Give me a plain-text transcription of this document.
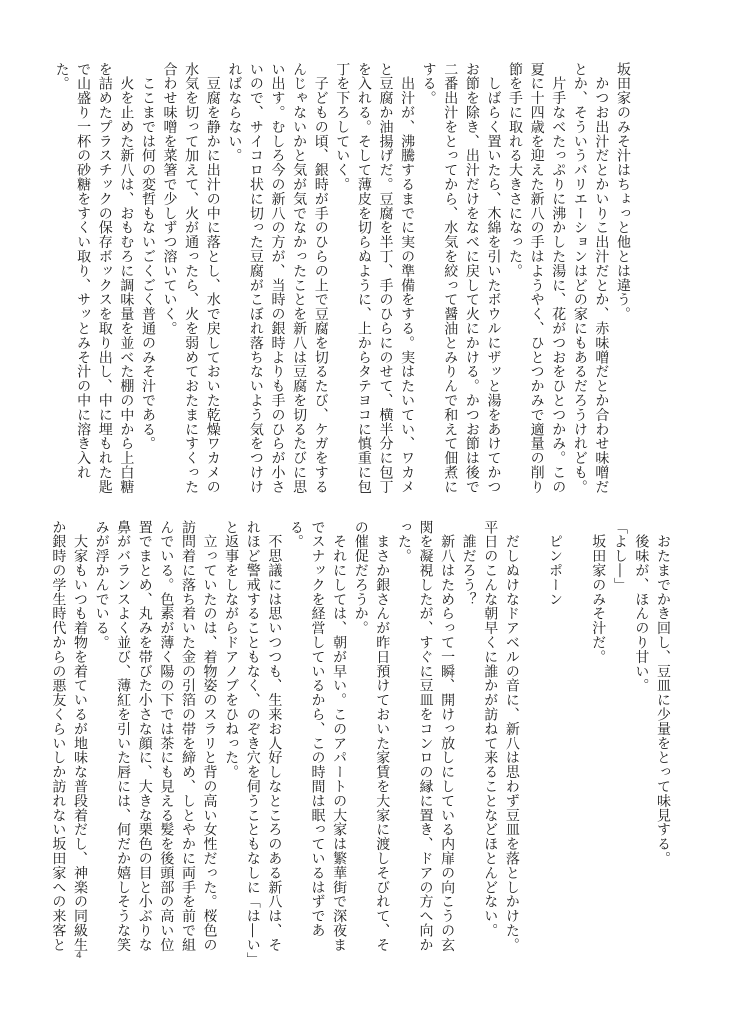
坂田家のみそ汁はちょっと他とは違う。
　かつお出汁だとかいりこ出汁だとか、赤味噌だとか合わせ味噌だとか、そういうバリエーションはどの家にもあるだろうけれども。
　片手なべたっぷりに沸かした湯に、花がつおをひとつかみ。この夏に十四歳を迎えた新八の手はようやく、ひとつかみで適量の削り節を手に取れる大きさになった。
　しばらく置いたら、木綿を引いたボウルにザッと湯をあけてかつお節を除き、出汁だけをなべに戻して火にかける。かつお節は後で二番出汁をとってから、水気を絞って醤油とみりんで和えて佃煮にする。
　出汁が、沸騰するまでに実の準備をする。実はたいてい、ワカメと豆腐か油揚げだ。豆腐を半丁、手のひらにのせて、横半分に包丁を入れる。そして薄皮を切らぬように、上からタテヨコに慎重に包丁を下ろしていく。
　子どもの頃、銀時が手のひらの上で豆腐を切るたび、ケガをするんじゃないかと気が気でなかったことを新八は豆腐を切るたびに思い出す。むしろ今の新八の方が、当時の銀時よりも手のひらが小さいので、サイコロ状に切った豆腐がこぼれ落ちないよう気をつけければならない。
　豆腐を静かに出汁の中に落とし、水で戻しておいた乾燥ワカメの水気を切って加えて、火が通ったら、火を弱めておたまにすくった合わせ味噌を菜箸で少しずつ溶いていく。
　ここまでは何の変哲もないごくごく普通のみそ汁である。
　火を止めた新八は、おもむろに調味量を並べた棚の中から上白糖を詰めたプラスチックの保存ボックスを取り出し、中に埋もれた匙で山盛り一杯の砂糖をすくい取り、サッとみそ汁の中に溶き入れた。
　おたまでかき回し、豆皿に少量をとって味見する。
　後味が、ほんのり甘い。
「よし―」
　坂田家のみそ汁だ。

　ピンポーン

　だしぬけなドアベルの音に、新八は思わず豆皿を落としかけた。平日のこんな朝早くに誰かが訪ねて来ることなどほとんどない。
　誰だろう？
　新八はためらって一瞬、開けっ放しにしている内扉の向こうの玄関を凝視したが、すぐに豆皿をコンロの縁に置き、ドアの方へ向かった。
　まさか銀さんが昨日預けておいた家賃を大家に渡しそびれて、その催促だろうか。
　それにしては、朝が早い。このアパートの大家は繁華街で深夜までスナックを経営しているから、この時間は眠っているはずである。
　不思議には思いつつも、生来お人好しなところのある新八は、それほど警戒することもなく、のぞき穴を伺うこともなしに「は―い」と返事をしながらドアノブをひねった。
　立っていたのは、着物姿のスラリと背の高い女性だった。桜色の訪問着に落ち着いた金の引箔の帯を締め、しとやかに両手を前で組んでいる。色素が薄く陽の下では茶にも見える髪を後頭部の高い位置でまとめ、丸みを帯びた小さな顔に、大きな栗色の目と小ぶりな鼻がバランスよく並び、薄紅を引いた唇には、何だか嬉しそうな笑みが浮かんでいる。
　大家もいつも着物を着ているが地味な普段着だし、神楽の同級生か銀時の学生時代からの悪友くらいしか訪れない坂田家への来客と
4
